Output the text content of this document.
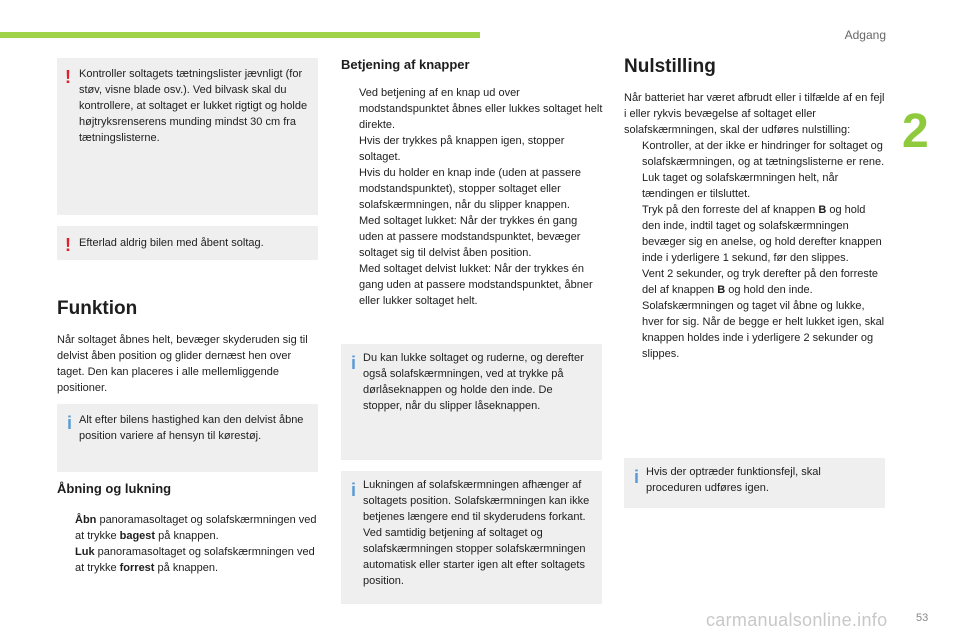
Adgang
2
! Kontroller soltagets tætningslister jævnligt (for støv, visne blade osv.). Ved bilvask skal du kontrollere, at soltaget er lukket rigtigt og holde højtryksrenserens munding mindst 30 cm fra tætningslisterne.

! Efterlad aldrig bilen med åbent soltag.

Funktion
Når soltaget åbnes helt, bevæger skyderuden sig til delvist åben position og glider dernæst hen over taget. Den kan placeres i alle mellemliggende positioner.
i Alt efter bilens hastighed kan den delvist åbne position variere af hensyn til kørestøj.

Åbning og lukning
Åbn panoramasoltaget og solafskærmningen ved at trykke bagest på knappen.
Luk panoramasoltaget og solafskærmningen ved at trykke forrest på knappen.
Betjening af knapper
Ved betjening af en knap ud over modstandspunktet åbnes eller lukkes soltaget helt direkte.
Hvis der trykkes på knappen igen, stopper soltaget.
Hvis du holder en knap inde (uden at passere modstandspunktet), stopper soltaget eller solafskærmningen, når du slipper knappen.
Med soltaget lukket: Når der trykkes én gang uden at passere modstandspunktet, bevæger soltaget sig til delvist åben position.
Med soltaget delvist lukket: Når der trykkes én gang uden at passere modstandspunktet, åbner eller lukker soltaget helt.
i Du kan lukke soltaget og ruderne, og derefter også solafskærmningen, ved at trykke på dørlåseknappen og holde den inde. De stopper, når du slipper låseknappen.

i Lukningen af solafskærmningen afhænger af soltagets position. Solafskærmningen kan ikke betjenes længere end til skyderudens forkant. Ved samtidig betjening af soltaget og solafskærmningen stopper solafskærmningen automatisk eller starter igen alt efter soltagets position.

Nulstilling
Når batteriet har været afbrudt eller i tilfælde af en fejl i eller rykvis bevægelse af soltaget eller solafskærmningen, skal der udføres nulstilling:
Kontroller, at der ikke er hindringer for soltaget og solafskærmningen, og at tætningslisterne er rene.
Luk taget og solafskærmningen helt, når tændingen er tilsluttet.
Tryk på den forreste del af knappen B og hold den inde, indtil taget og solafskærmningen bevæger sig en anelse, og hold derefter knappen inde i yderligere 1 sekund, før den slippes.
Vent 2 sekunder, og tryk derefter på den forreste del af knappen B og hold den inde. Solafskærmningen og taget vil åbne og lukke, hver for sig. Når de begge er helt lukket igen, skal knappen holdes inde i yderligere 2 sekunder og slippes.
i Hvis der optræder funktionsfejl, skal proceduren udføres igen.

carmanualsonline.info	53
